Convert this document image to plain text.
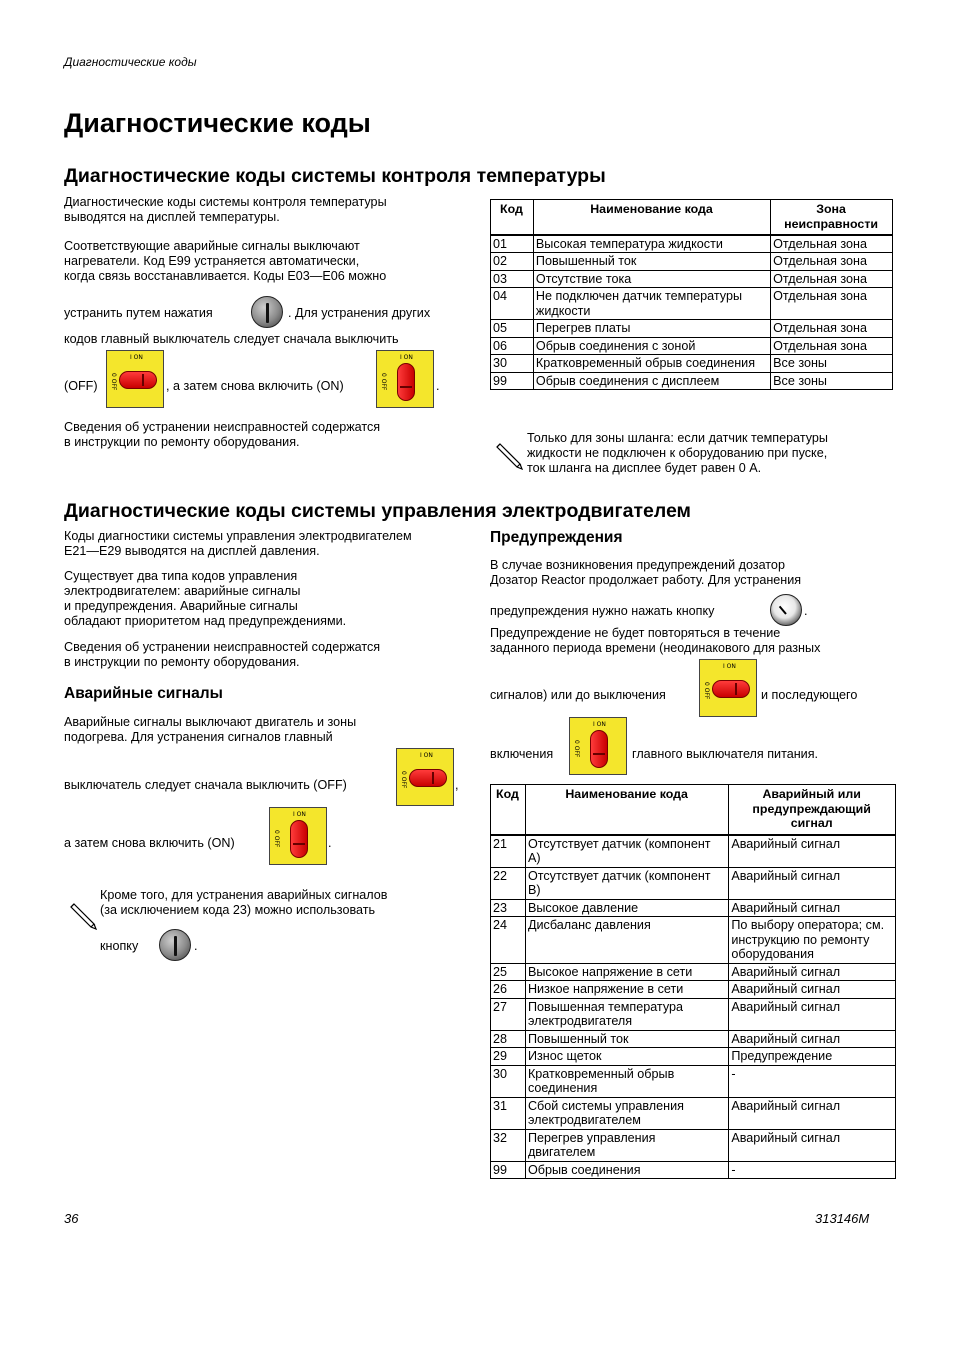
Диагностические коды
Диагностические коды
Диагностические коды системы контроля температуры
Диагностические коды системы контроля температуры
выводятся на дисплей температуры.
Соответствующие аварийные сигналы выключают
нагреватели. Код Е99 устраняется автоматически,
когда связь восстанавливается. Коды Е03—Е06 можно
устранить путем нажатия	. Для устранения других
кодов главный выключатель следует сначала выключить
(OFF)
I ON
0 OFF	, а затем снова включить (ON)
I ON
0 OFF	.
Сведения об устранении неисправностей содержатся
в инструкции по ремонту оборудования.
Код	Наименование кода	Зона неисправности
01	Высокая температура жидкости	Отдельная зона
02	Повышенный ток	Отдельная зона
03	Отсутствие тока	Отдельная зона
04	Не подключен датчик температуры жидкости	Отдельная зона
05	Перегрев платы	Отдельная зона
06	Обрыв соединения с зоной	Отдельная зона
30	Кратковременный обрыв соединения	Все зоны
99	Обрыв соединения с дисплеем	Все зоны
Только для зоны шланга: если датчик температуры
жидкости не подключен к оборудованию при пуске,
ток шланга на дисплее будет равен 0 А.
Диагностические коды системы управления электродвигателем
Коды диагностики системы управления электродвигателем
Е21—Е29 выводятся на дисплей давления.
Существует два типа кодов управления
электродвигателем: аварийные сигналы
и предупреждения. Аварийные сигналы
обладают приоритетом над предупреждениями.
Сведения об устранении неисправностей содержатся
в инструкции по ремонту оборудования.
Аварийные сигналы
Аварийные сигналы выключают двигатель и зоны
подогрева. Для устранения сигналов главный
выключатель следует сначала выключить (OFF)
I ON
0 OFF	,
а затем снова включить (ON)
I ON
0 OFF	.
Кроме того, для устранения аварийных сигналов
(за исключением кода 23) можно использовать
кнопку	.
Предупреждения
В случае возникновения предупреждений дозатор
Дозатор Reactor продолжает работу. Для устранения
предупреждения нужно нажать кнопку	.
Предупреждение не будет повторяться в течение
заданного периода времени (неодинакового для разных
сигналов) или до выключения
I ON
0 OFF	и последующего
включения
I ON
0 OFF	главного выключателя питания.
Код	Наименование кода	Аварийный или предупреждающий сигнал
21	Отсутствует датчик (компонент А)	Аварийный сигнал
22	Отсутствует датчик (компонент В)	Аварийный сигнал
23	Высокое давление	Аварийный сигнал
24	Дисбаланс давления	По выбору оператора; см. инструкцию по ремонту оборудования
25	Высокое напряжение в сети	Аварийный сигнал
26	Низкое напряжение в сети	Аварийный сигнал
27	Повышенная температура электродвигателя	Аварийный сигнал
28	Повышенный ток	Аварийный сигнал
29	Износ щеток	Предупреждение
30	Кратковременный обрыв соединения	-
31	Сбой системы управления электродвигателем	Аварийный сигнал
32	Перегрев управления двигателем	Аварийный сигнал
99	Обрыв соединения	-
36	313146M
